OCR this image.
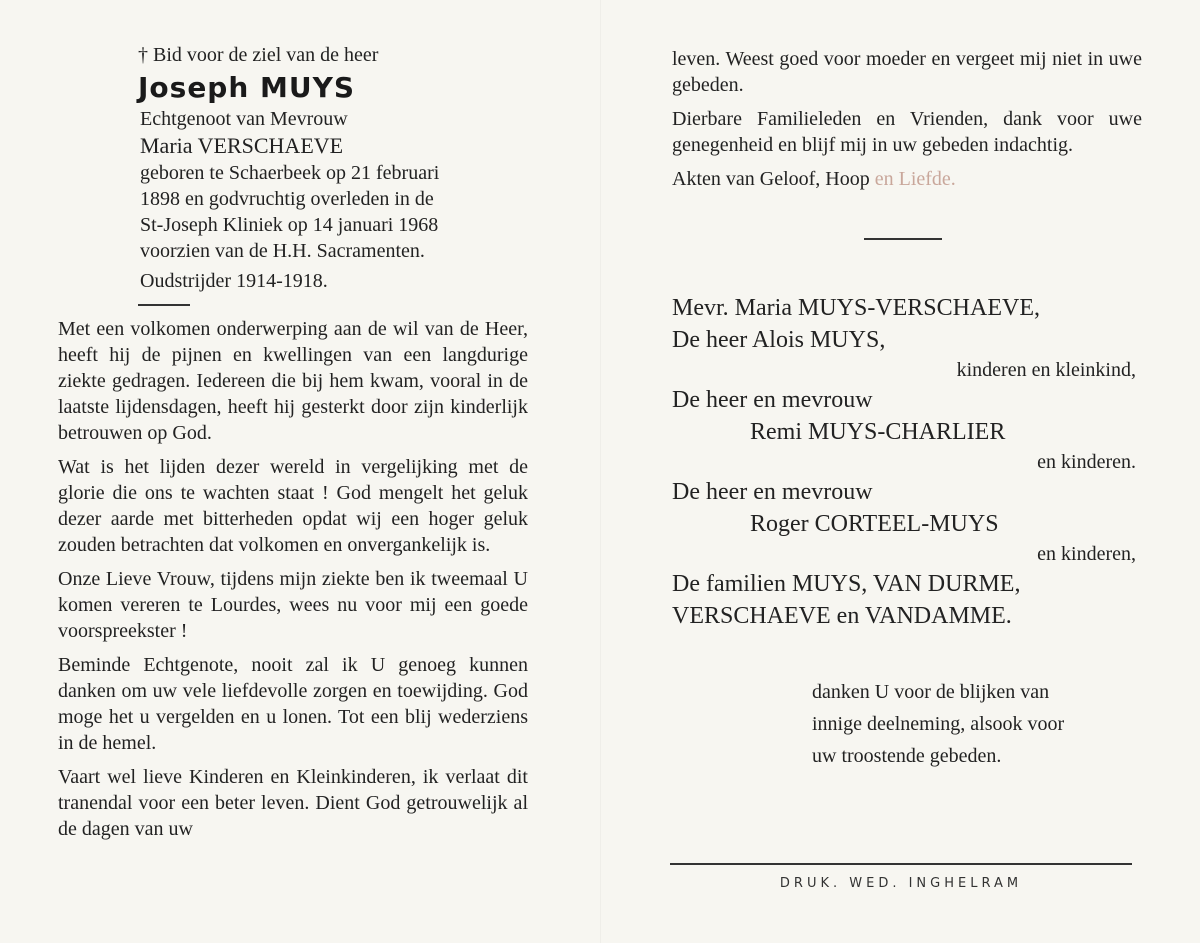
† Bid voor de ziel van de heer
Joseph MUYS
Echtgenoot van Mevrouw
Maria VERSCHAEVE
geboren te Schaerbeek op 21 februari
1898 en godvruchtig overleden in de
St-Joseph Kliniek op 14 januari 1968
voorzien van de H.H. Sacramenten.
Oudstrijder 1914-1918.

Met een volkomen onderwerping aan de wil van de Heer, heeft hij de pijnen en kwellingen van een langdurige ziekte gedragen. Iedereen die bij hem kwam, vooral in de laatste lijdensdagen, heeft hij gesterkt door zijn kinderlijk betrouwen op God.

Wat is het lijden dezer wereld in vergelijking met de glorie die ons te wachten staat ! God mengelt het geluk dezer aarde met bitterheden opdat wij een hoger geluk zouden betrachten dat volkomen en onvergankelijk is.

Onze Lieve Vrouw, tijdens mijn ziekte ben ik tweemaal U komen vereren te Lourdes, wees nu voor mij een goede voorspreekster !

Beminde Echtgenote, nooit zal ik U genoeg kunnen danken om uw vele liefdevolle zorgen en toewijding. God moge het u vergelden en u lonen. Tot een blij wederziens in de hemel.

Vaart wel lieve Kinderen en Kleinkinderen, ik verlaat dit tranendal voor een beter leven. Dient God getrouwelijk al de dagen van uw

leven. Weest goed voor moeder en vergeet mij niet in uwe gebeden.

Dierbare Familieleden en Vrienden, dank voor uwe genegenheid en blijf mij in uw gebeden indachtig.

Akten van Geloof, Hoop en Liefde.

Mevr. Maria MUYS-VERSCHAEVE,
De heer Alois MUYS,
kinderen en kleinkind,
De heer en mevrouw
Remi MUYS-CHARLIER
en kinderen.
De heer en mevrouw
Roger CORTEEL-MUYS
en kinderen,
De familien MUYS, VAN DURME,
VERSCHAEVE en VANDAMME.
danken U voor de blijken van
innige deelneming, alsook voor
uw troostende gebeden.
DRUK. WED. INGHELRAM
